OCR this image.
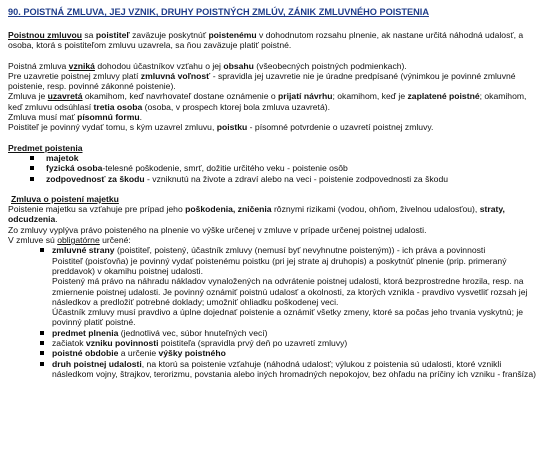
90. POISTNÁ ZMLUVA, JEJ VZNIK, DRUHY POISTNÝCH ZMLÚV, ZÁNIK ZMLUVNÉHO POISTENIA

Poistnou zmluvou sa poistiteľ zaväzuje poskytnúť poistenému v dohodnutom rozsahu plnenie, ak nastane určitá náhodná udalosť, a osoba, ktorá s poistiteľom zmluvu uzavrela, sa ňou zaväzuje platiť poistné.

Poistná zmluva vzniká dohodou účastníkov vzťahu o jej obsahu (všeobecných poistných podmienkach).

Pre uzavretie poistnej zmluvy platí zmluvná voľnosť - spravidla jej uzavretie nie je úradne predpísané (výnimkou je povinné zmluvné poistenie, resp. povinné zákonné poistenie).

Zmluva je uzavretá okamihom, keď navrhovateľ dostane oznámenie o prijatí návrhu; okamihom, keď je zaplatené poistné; okamihom, keď zmluvu odsúhlasí tretia osoba (osoba, v prospech ktorej bola zmluva uzavretá).

Zmluva musí mať písomnú formu.

Poistiteľ je povinný vydať tomu, s kým uzavrel zmluvu, poistku - písomné potvrdenie o uzavretí poistnej zmluvy.

Predmet poistenia

majetok
fyzická osoba-telesné poškodenie, smrť, dožitie určitého veku - poistenie osôb
zodpovednosť za škodu - vzniknutú na živote a zdraví alebo na veci - poistenie zodpovednosti za škodu

Zmluva o poistení majetku

Poistenie majetku sa vzťahuje pre prípad jeho poškodenia, zničenia rôznymi rizikami (vodou, ohňom, živelnou udalosťou), straty, odcudzenia.

Zo zmluvy vyplýva právo poisteného na plnenie vo výške určenej v zmluve v prípade určenej poistnej udalosti.

V zmluve sú obligatórne určené:

zmluvné strany (poistiteľ, poistený, účastník zmluvy (nemusí byť nevyhnutne poisteným)) - ich práva a povinnosti

Poistiteľ (poisťovňa) je povinný vydať poistenému poistku (pri jej strate aj druhopis) a poskytnúť plnenie (prip. primeraný preddavok) v okamihu poistnej udalosti.

Poistený má právo na náhradu nákladov vynaložených na odvrátenie poistnej udalosti, ktorá bezprostredne hrozila, resp. na zmiernenie poistnej udalosti. Je povinný oznámiť poistnú udalosť a okolnosti, za ktorých vznikla - pravdivo vysvetliť rozsah jej následkov a predložiť potrebné doklady; umožniť ohliadku poškodenej veci.

Účastník zmluvy musí pravdivo a úplne dojednať poistenie a oznámiť všetky zmeny, ktoré sa počas jeho trvania vyskytnú; je povinný platiť poistné.

predmet plnenia (jednotlivá vec, súbor hnuteľných vecí)
začiatok vzniku povinnosti poistiteľa (spravidla prvý deň po uzavretí zmluvy)
poistné obdobie a určenie výšky poistného
druh poistnej udalosti, na ktorú sa poistenie vzťahuje (náhodná udalosť; výlukou z poistenia sú udalosti, ktoré vznikli následkom vojny, štrajkov, terorizmu, povstania alebo iných hromadných nepokojov, bez ohľadu na príčiny ich vzniku - franšíza)
